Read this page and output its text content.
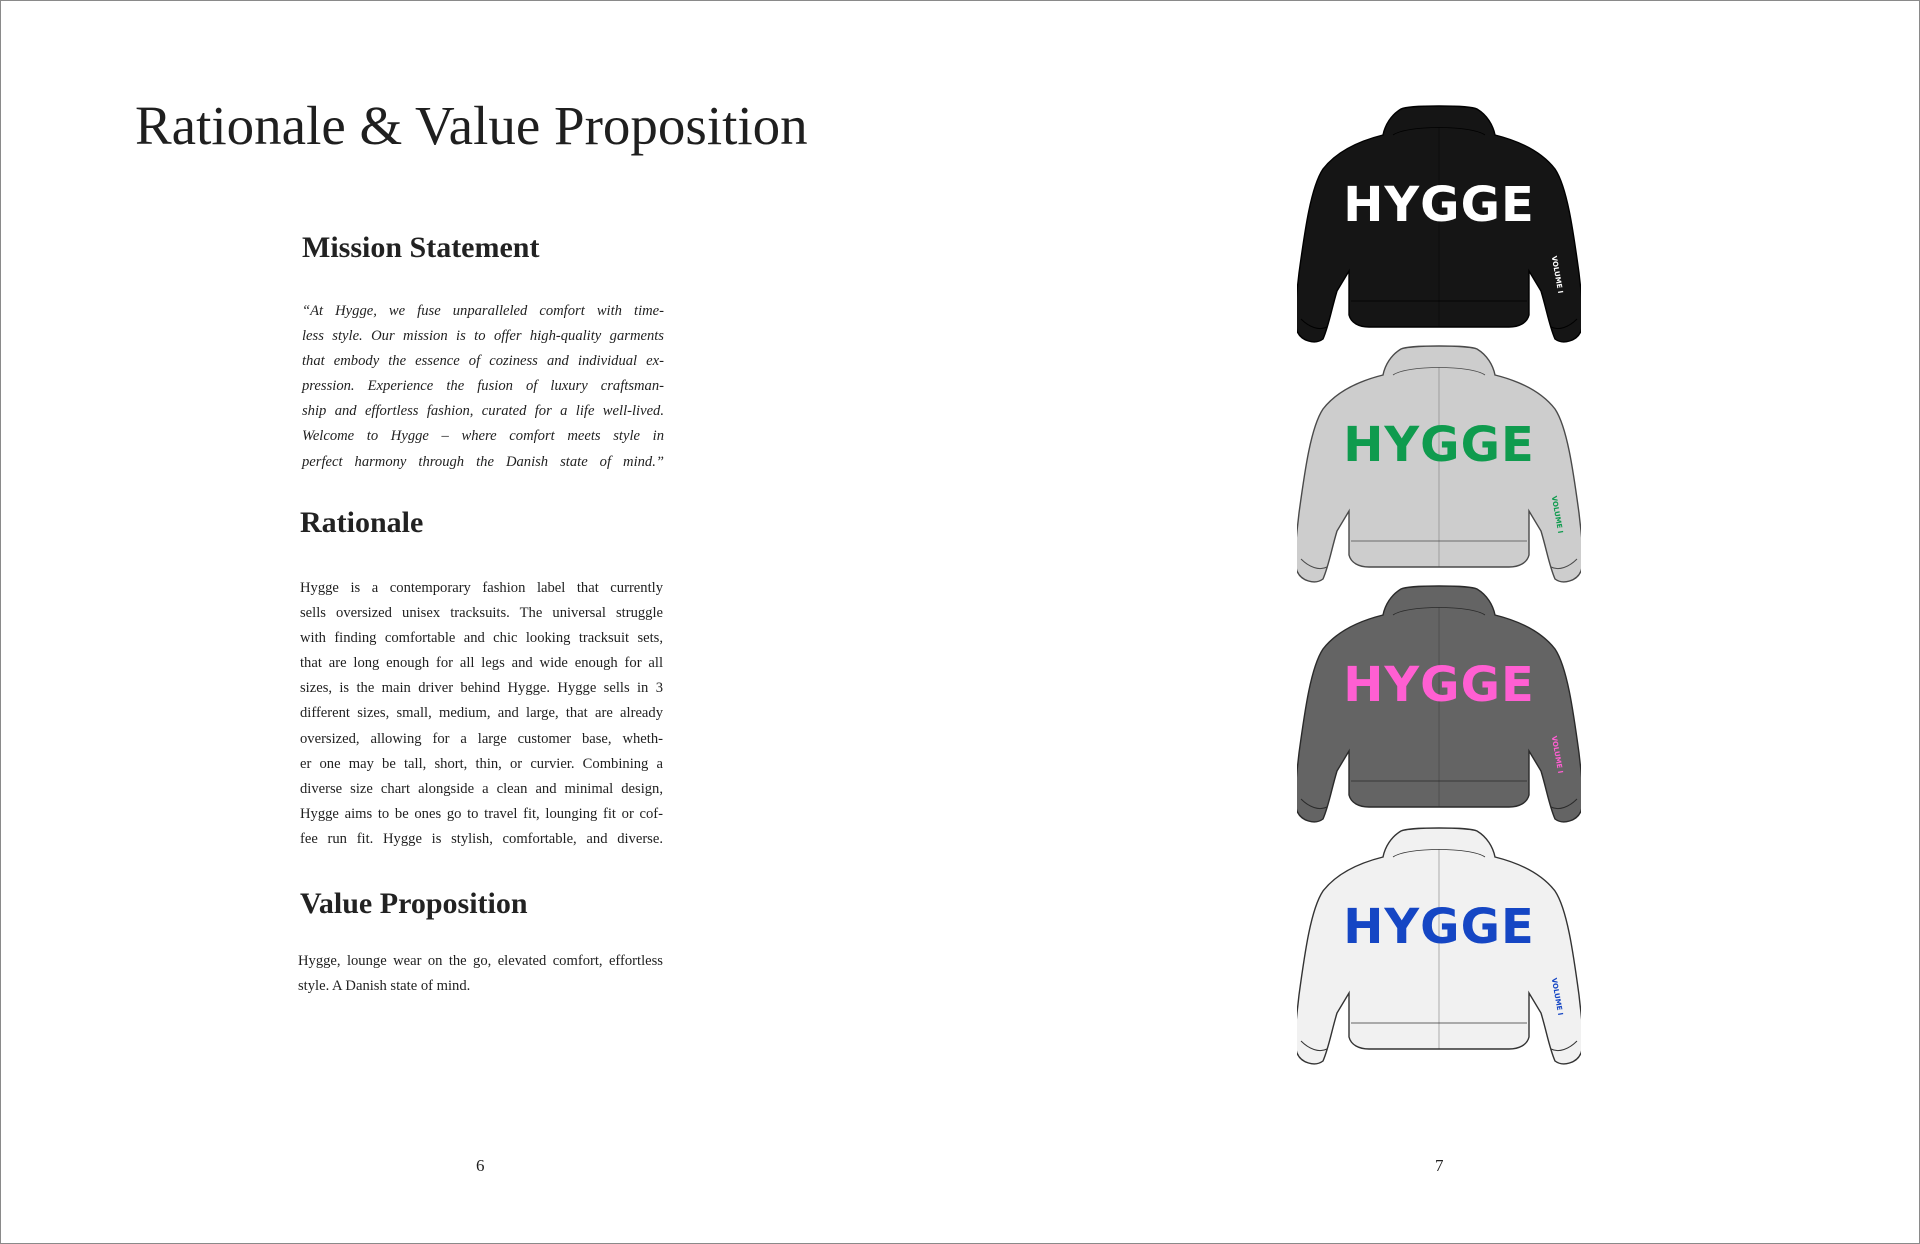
Rationale & Value Proposition
Mission Statement
“At Hygge, we fuse unparalleled comfort with time-
less style. Our mission is to offer high-quality garments
that embody the essence of coziness and individual ex-
pression. Experience the fusion of luxury craftsman-
ship and effortless fashion, curated for a life well-lived.
Welcome to Hygge – where comfort meets style in
perfect harmony through the Danish state of mind.”
Rationale
Hygge is a contemporary fashion label that currently
sells oversized unisex tracksuits. The universal struggle
with finding comfortable and chic looking tracksuit sets,
that are long enough for all legs and wide enough for all
sizes, is the main driver behind Hygge. Hygge sells in 3
different sizes, small, medium, and large, that are already
oversized, allowing for a large customer base, wheth-
er one may be tall, short, thin, or curvier. Combining a
diverse size chart alongside a clean and minimal design,
Hygge aims to be ones go to travel fit, lounging fit or cof-
fee run fit. Hygge is stylish, comfortable, and diverse.
Value Proposition
Hygge, lounge wear on the go, elevated comfort, effortless
style. A Danish state of mind.
HYGGE
VOLUME I
HYGGE
VOLUME I
HYGGE
VOLUME I
HYGGE
VOLUME I
6	7
